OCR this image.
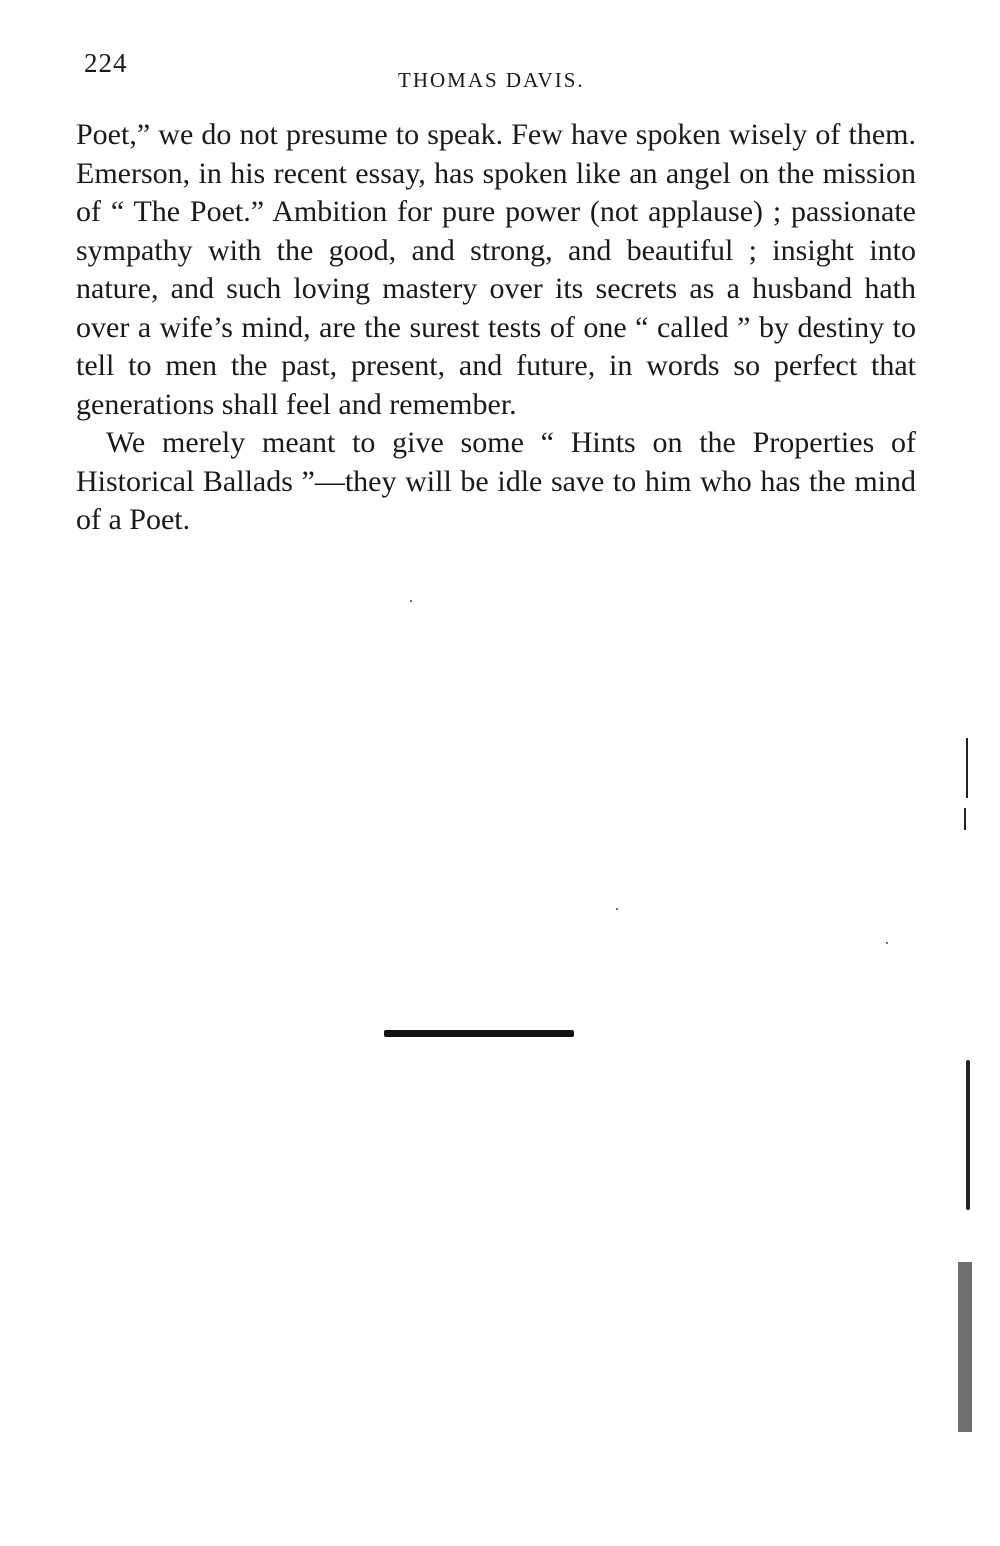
224
THOMAS DAVIS.

Poet,” we do not presume to speak. Few have spoken wisely of them. Emerson, in his recent essay, has spoken like an angel on the mission of “ The Poet.” Ambition for pure power (not applause) ; passionate sympathy with the good, and strong, and beautiful ; insight into nature, and such loving mastery over its secrets as a husband hath over a wife’s mind, are the surest tests of one “ called ” by destiny to tell to men the past, present, and future, in words so perfect that generations shall feel and remember.

We merely meant to give some “ Hints on the Properties of Historical Ballads ”—they will be idle save to him who has the mind of a Poet.
